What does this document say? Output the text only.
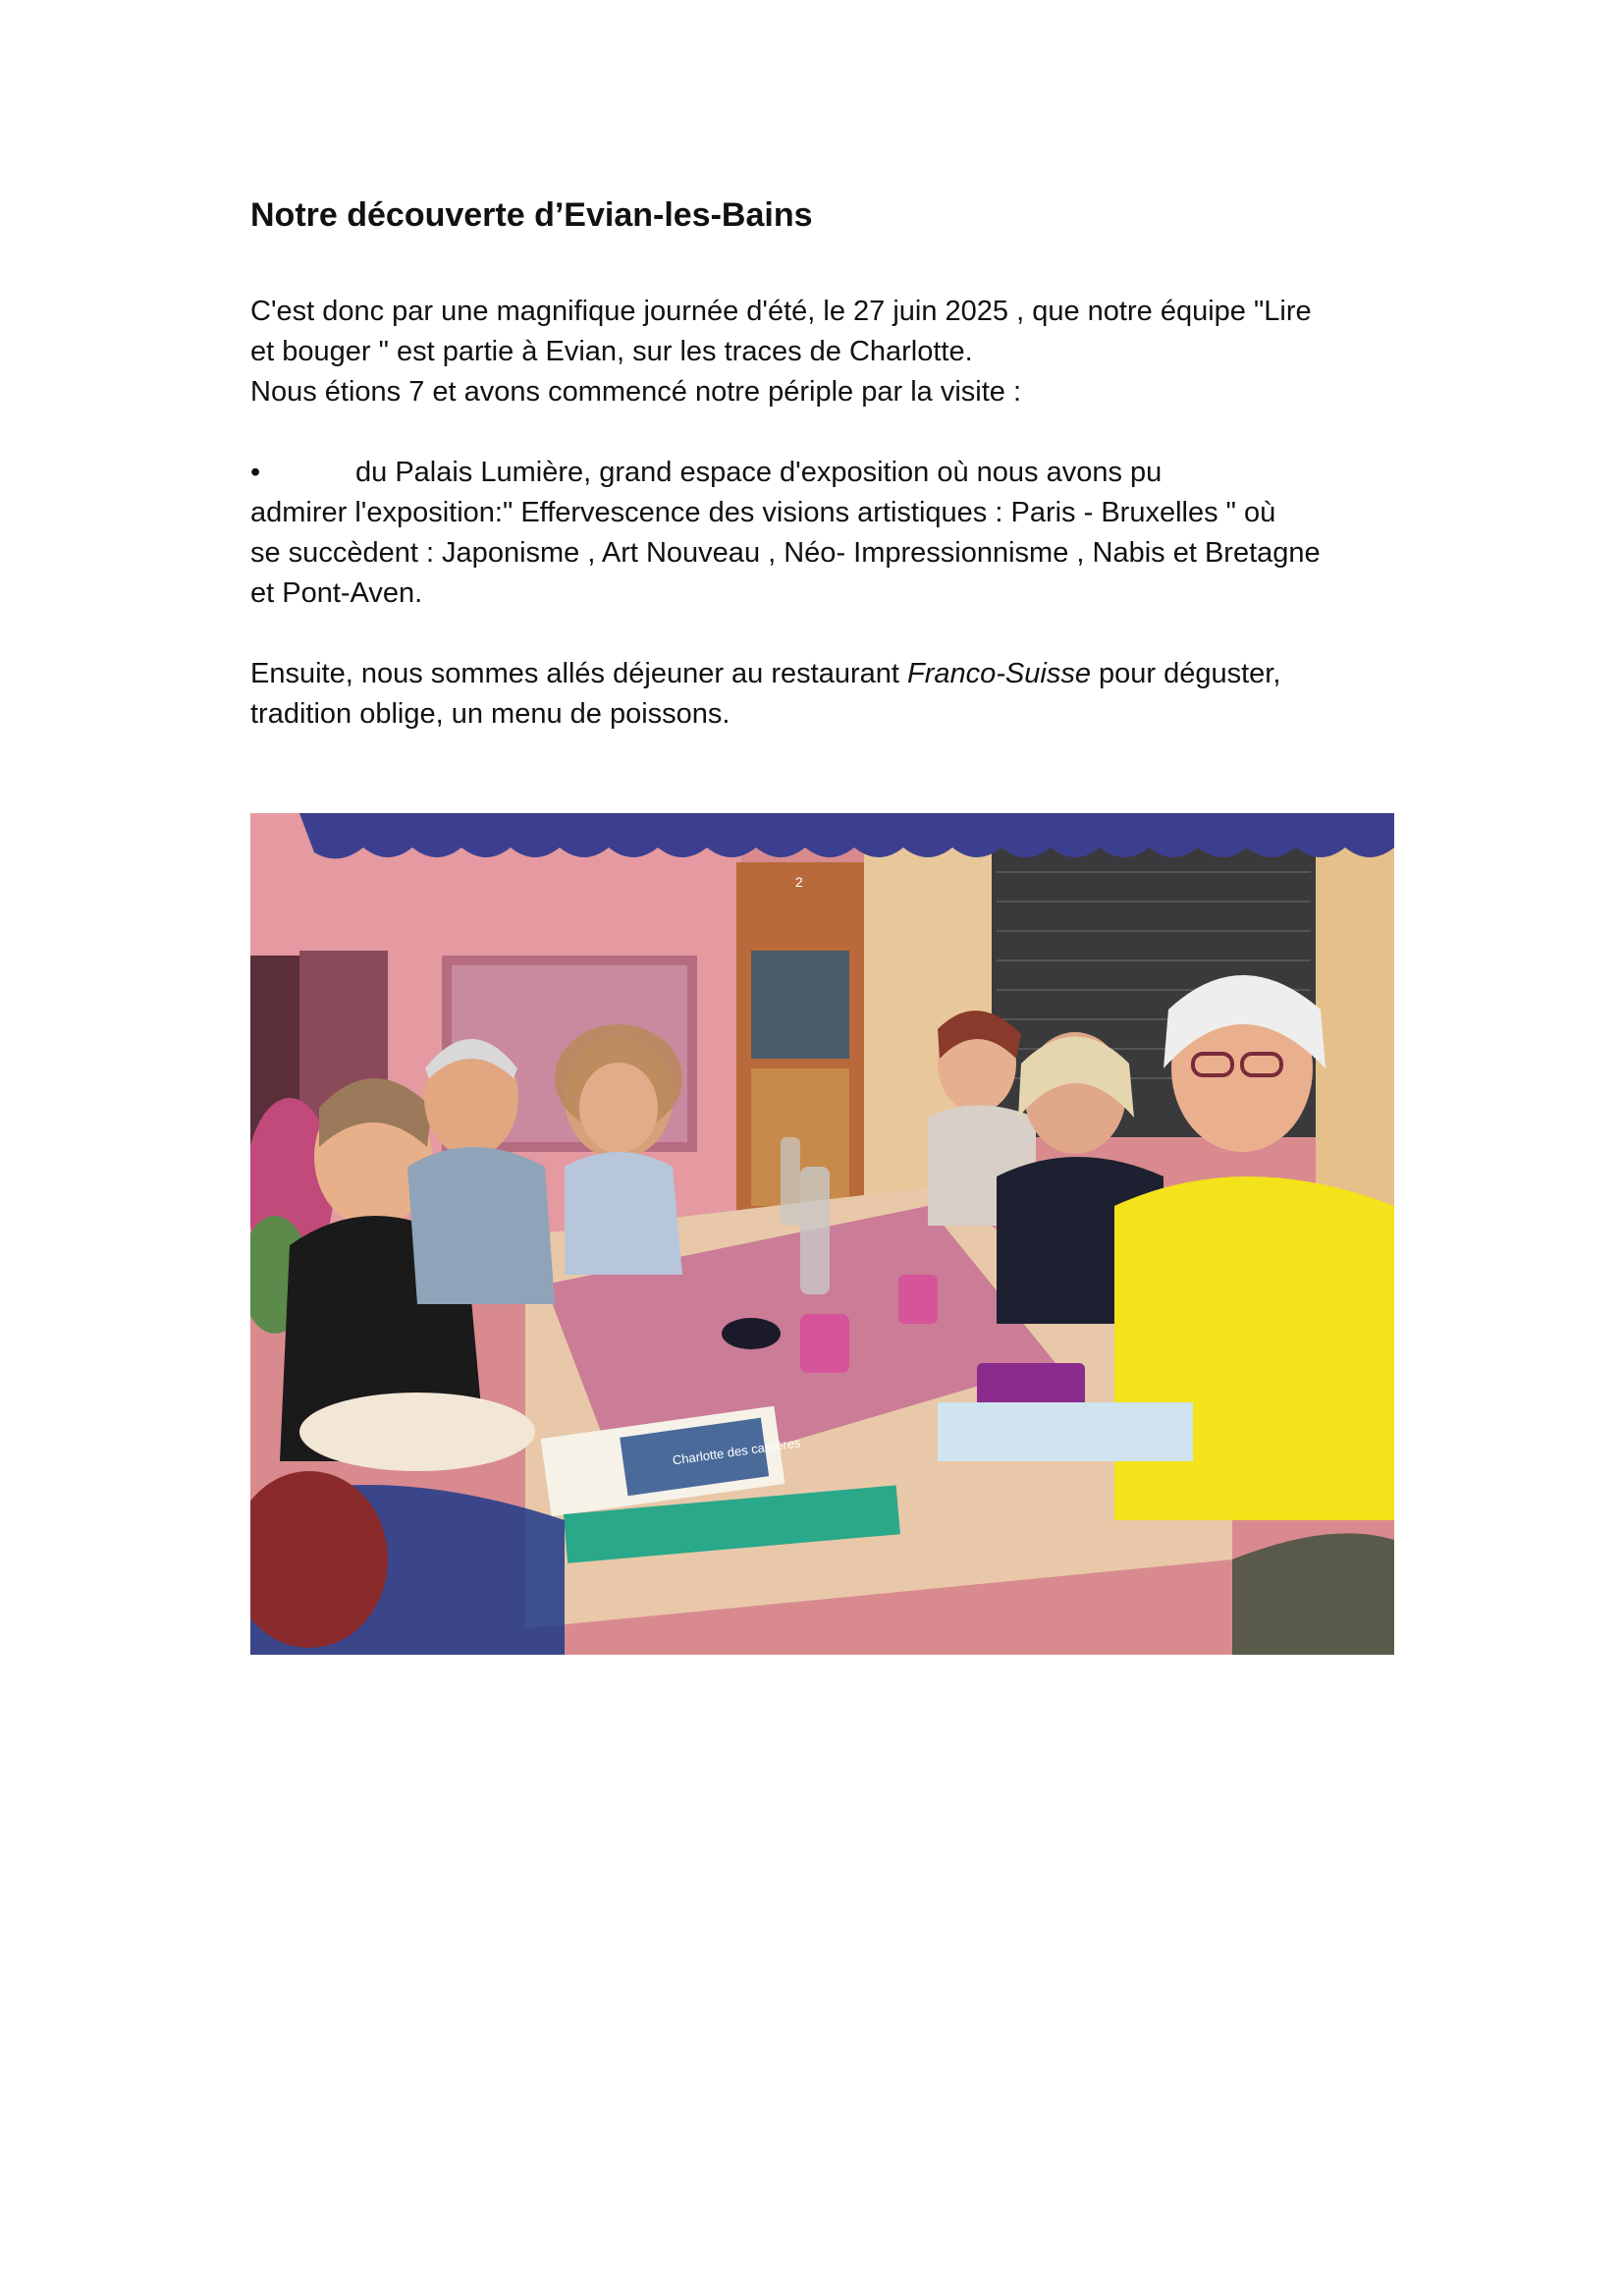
Notre découverte d’Evian-les-Bains

C'est donc par une magnifique journée d'été, le 27 juin 2025 , que notre équipe "Lire

et bouger " est partie à Evian, sur les traces de Charlotte.

Nous étions 7 et avons commencé notre périple par la visite :

•	du Palais Lumière, grand espace d'exposition où nous avons pu

admirer l'exposition:" Effervescence des visions artistiques : Paris - Bruxelles " où

se succèdent : Japonisme , Art Nouveau , Néo- Impressionnisme , Nabis et Bretagne

et Pont-Aven.

Ensuite, nous sommes allés déjeuner au restaurant Franco-Suisse pour déguster,

tradition oblige, un menu de poissons.

2
Charlotte des carrières
